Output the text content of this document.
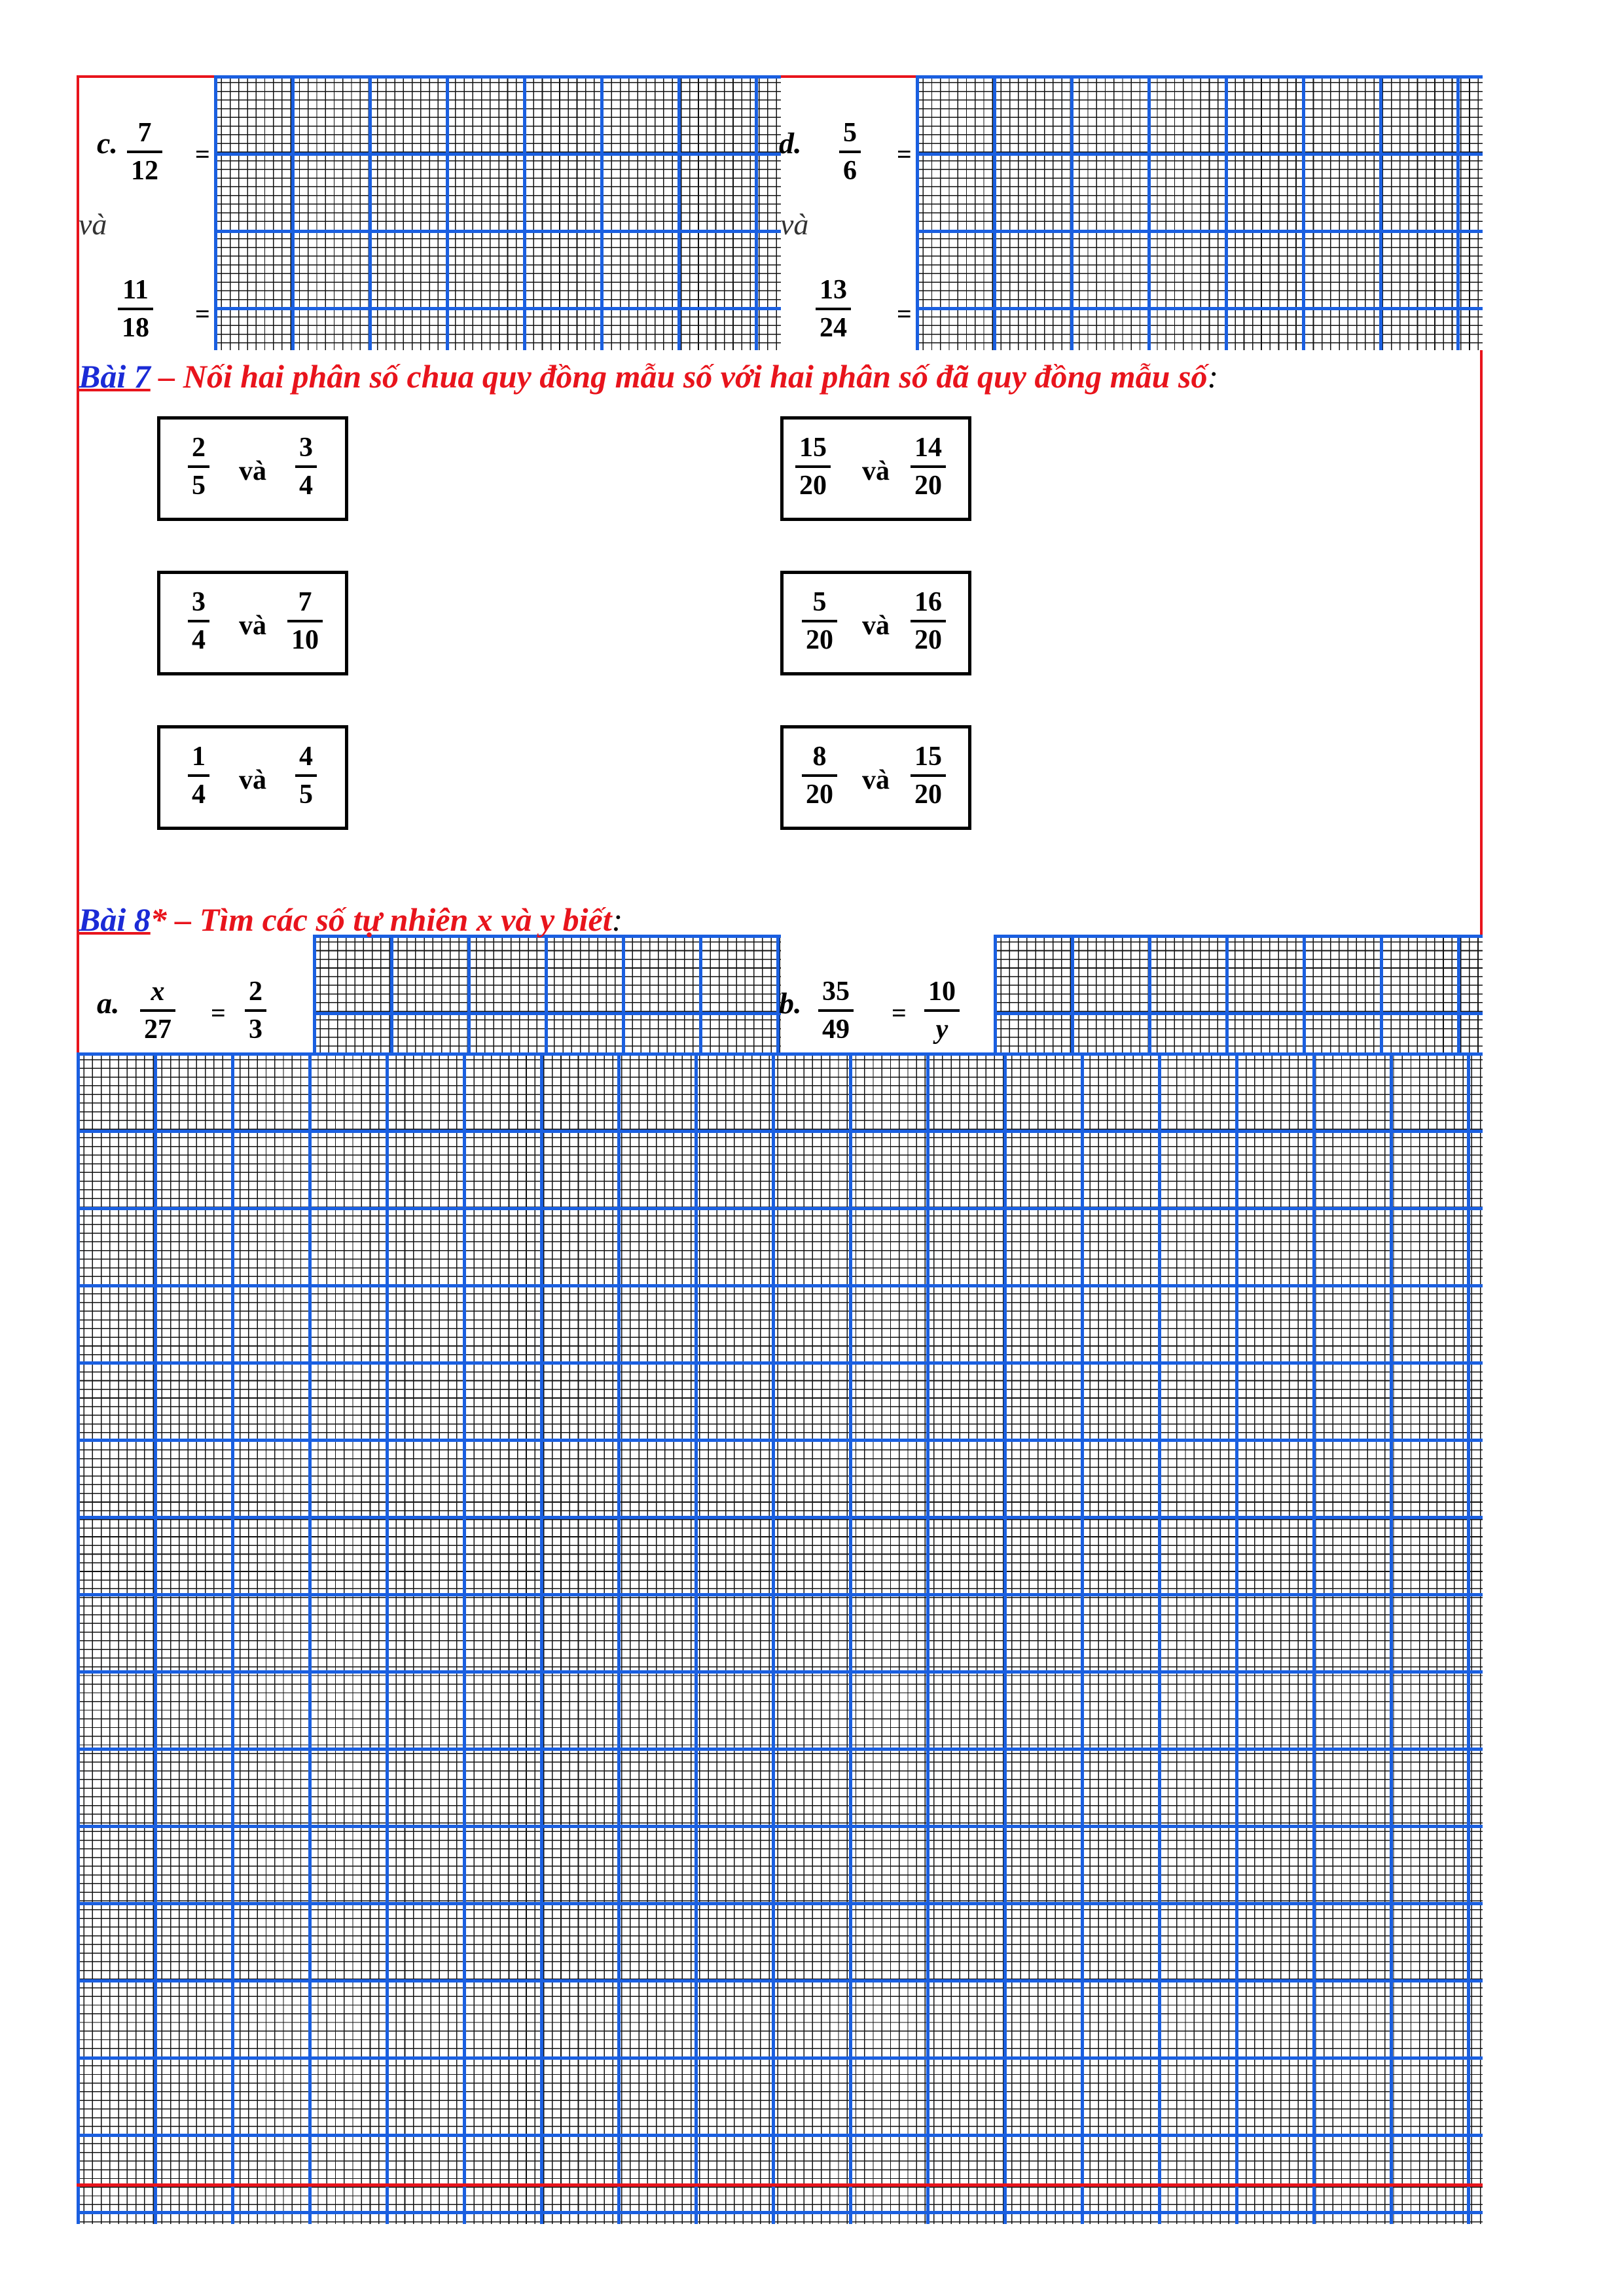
c. 7
12
=
và
11
18 =
d. 5
6
=
và
13
24 =
Bài 7 – Nối hai phân số chua quy đồng mẫu số với hai phân số đã quy đồng mẫu số:
2
5	và
3
4
3
4	và
7
10
1
4	và
4
5
15
20	và
14
20
5
20	và
16
20
8
20	và
15
20
Bài 8* – Tìm các số tự nhiên x và y biết:
a. x
27
=
2
3
b. 35
49
=
10
y
